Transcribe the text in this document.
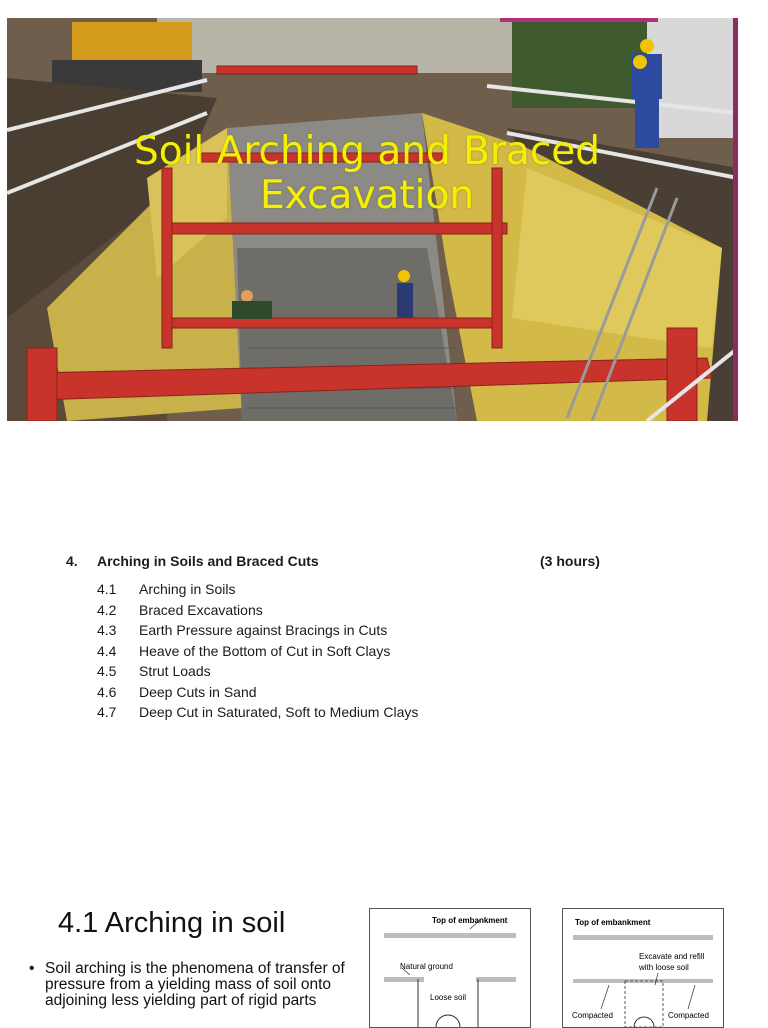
Soil Arching and Braced Excavation
4.	Arching in Soils and Braced Cuts	(3 hours)
4.1	Arching in Soils
4.2	Braced Excavations
4.3	Earth Pressure against Bracings in Cuts
4.4	Heave of the Bottom of Cut in Soft Clays
4.5	Strut Loads
4.6	Deep Cuts in Sand
4.7	Deep Cut in Saturated, Soft to Medium Clays
4.1 Arching in soil
• Soil arching is the phenomena of transfer of pressure from a yielding mass of soil onto adjoining less yielding part of rigid parts
Top of embankment
Natural ground
Loose soil
Top of embankment
Excavate and refill with loose soil
Compacted	Compacted
